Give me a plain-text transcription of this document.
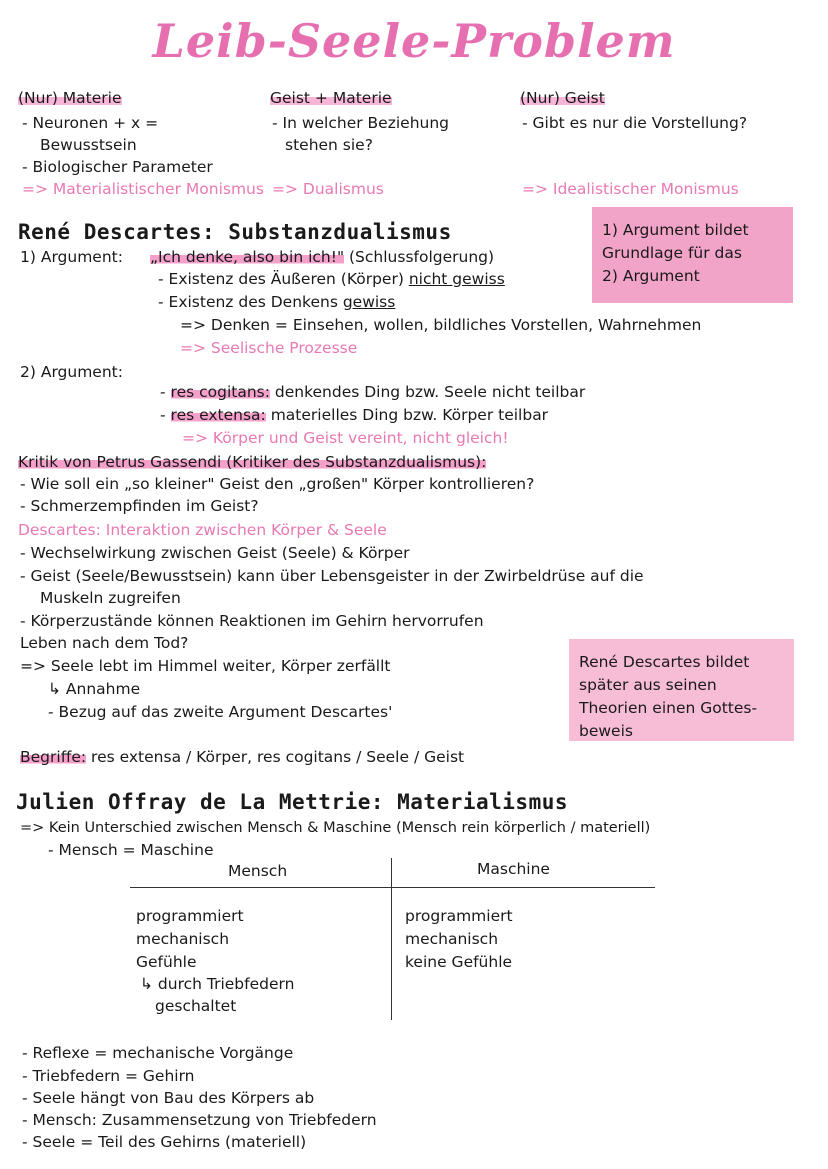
Leib-Seele-Problem
(Nur) Materie
- Neuronen + x =
Bewusstsein
- Biologischer Parameter
=> Materialistischer Monismus
Geist + Materie
- In welcher Beziehung
stehen sie?
=> Dualismus
(Nur) Geist
- Gibt es nur die Vorstellung?
=> Idealistischer Monismus
René Descartes: Substanzdualismus	1) Argument bildet
Grundlage für das
2) Argument
1) Argument: „Ich denke, also bin ich!" (Schlussfolgerung)
- Existenz des Äußeren (Körper) nicht gewiss
- Existenz des Denkens gewiss
=> Denken = Einsehen, wollen, bildliches Vorstellen, Wahrnehmen
=> Seelische Prozesse
2) Argument:
- res cogitans: denkendes Ding bzw. Seele nicht teilbar
- res extensa: materielles Ding bzw. Körper teilbar
=> Körper und Geist vereint, nicht gleich!
Kritik von Petrus Gassendi (Kritiker des Substanzdualismus):
- Wie soll ein „so kleiner" Geist den „großen" Körper kontrollieren?
- Schmerzempfinden im Geist?
Descartes: Interaktion zwischen Körper & Seele
- Wechselwirkung zwischen Geist (Seele) & Körper
- Geist (Seele/Bewusstsein) kann über Lebensgeister in der Zwirbeldrüse auf die
Muskeln zugreifen
- Körperzustände können Reaktionen im Gehirn hervorrufen
Leben nach dem Tod?
=> Seele lebt im Himmel weiter, Körper zerfällt
↳ Annahme
- Bezug auf das zweite Argument Descartes'
René Descartes bildet
später aus seinen
Theorien einen Gottes-
beweis
Begriffe: res extensa / Körper, res cogitans / Seele / Geist
Julien Offray de La Mettrie: Materialismus
=> Kein Unterschied zwischen Mensch & Maschine (Mensch rein körperlich / materiell)
- Mensch = Maschine
Mensch	Maschine
programmiert
mechanisch
Gefühle
↳ durch Triebfedern
geschaltet
programmiert
mechanisch
keine Gefühle
- Reflexe = mechanische Vorgänge
- Triebfedern = Gehirn
- Seele hängt von Bau des Körpers ab
- Mensch: Zusammensetzung von Triebfedern
- Seele = Teil des Gehirns (materiell)
